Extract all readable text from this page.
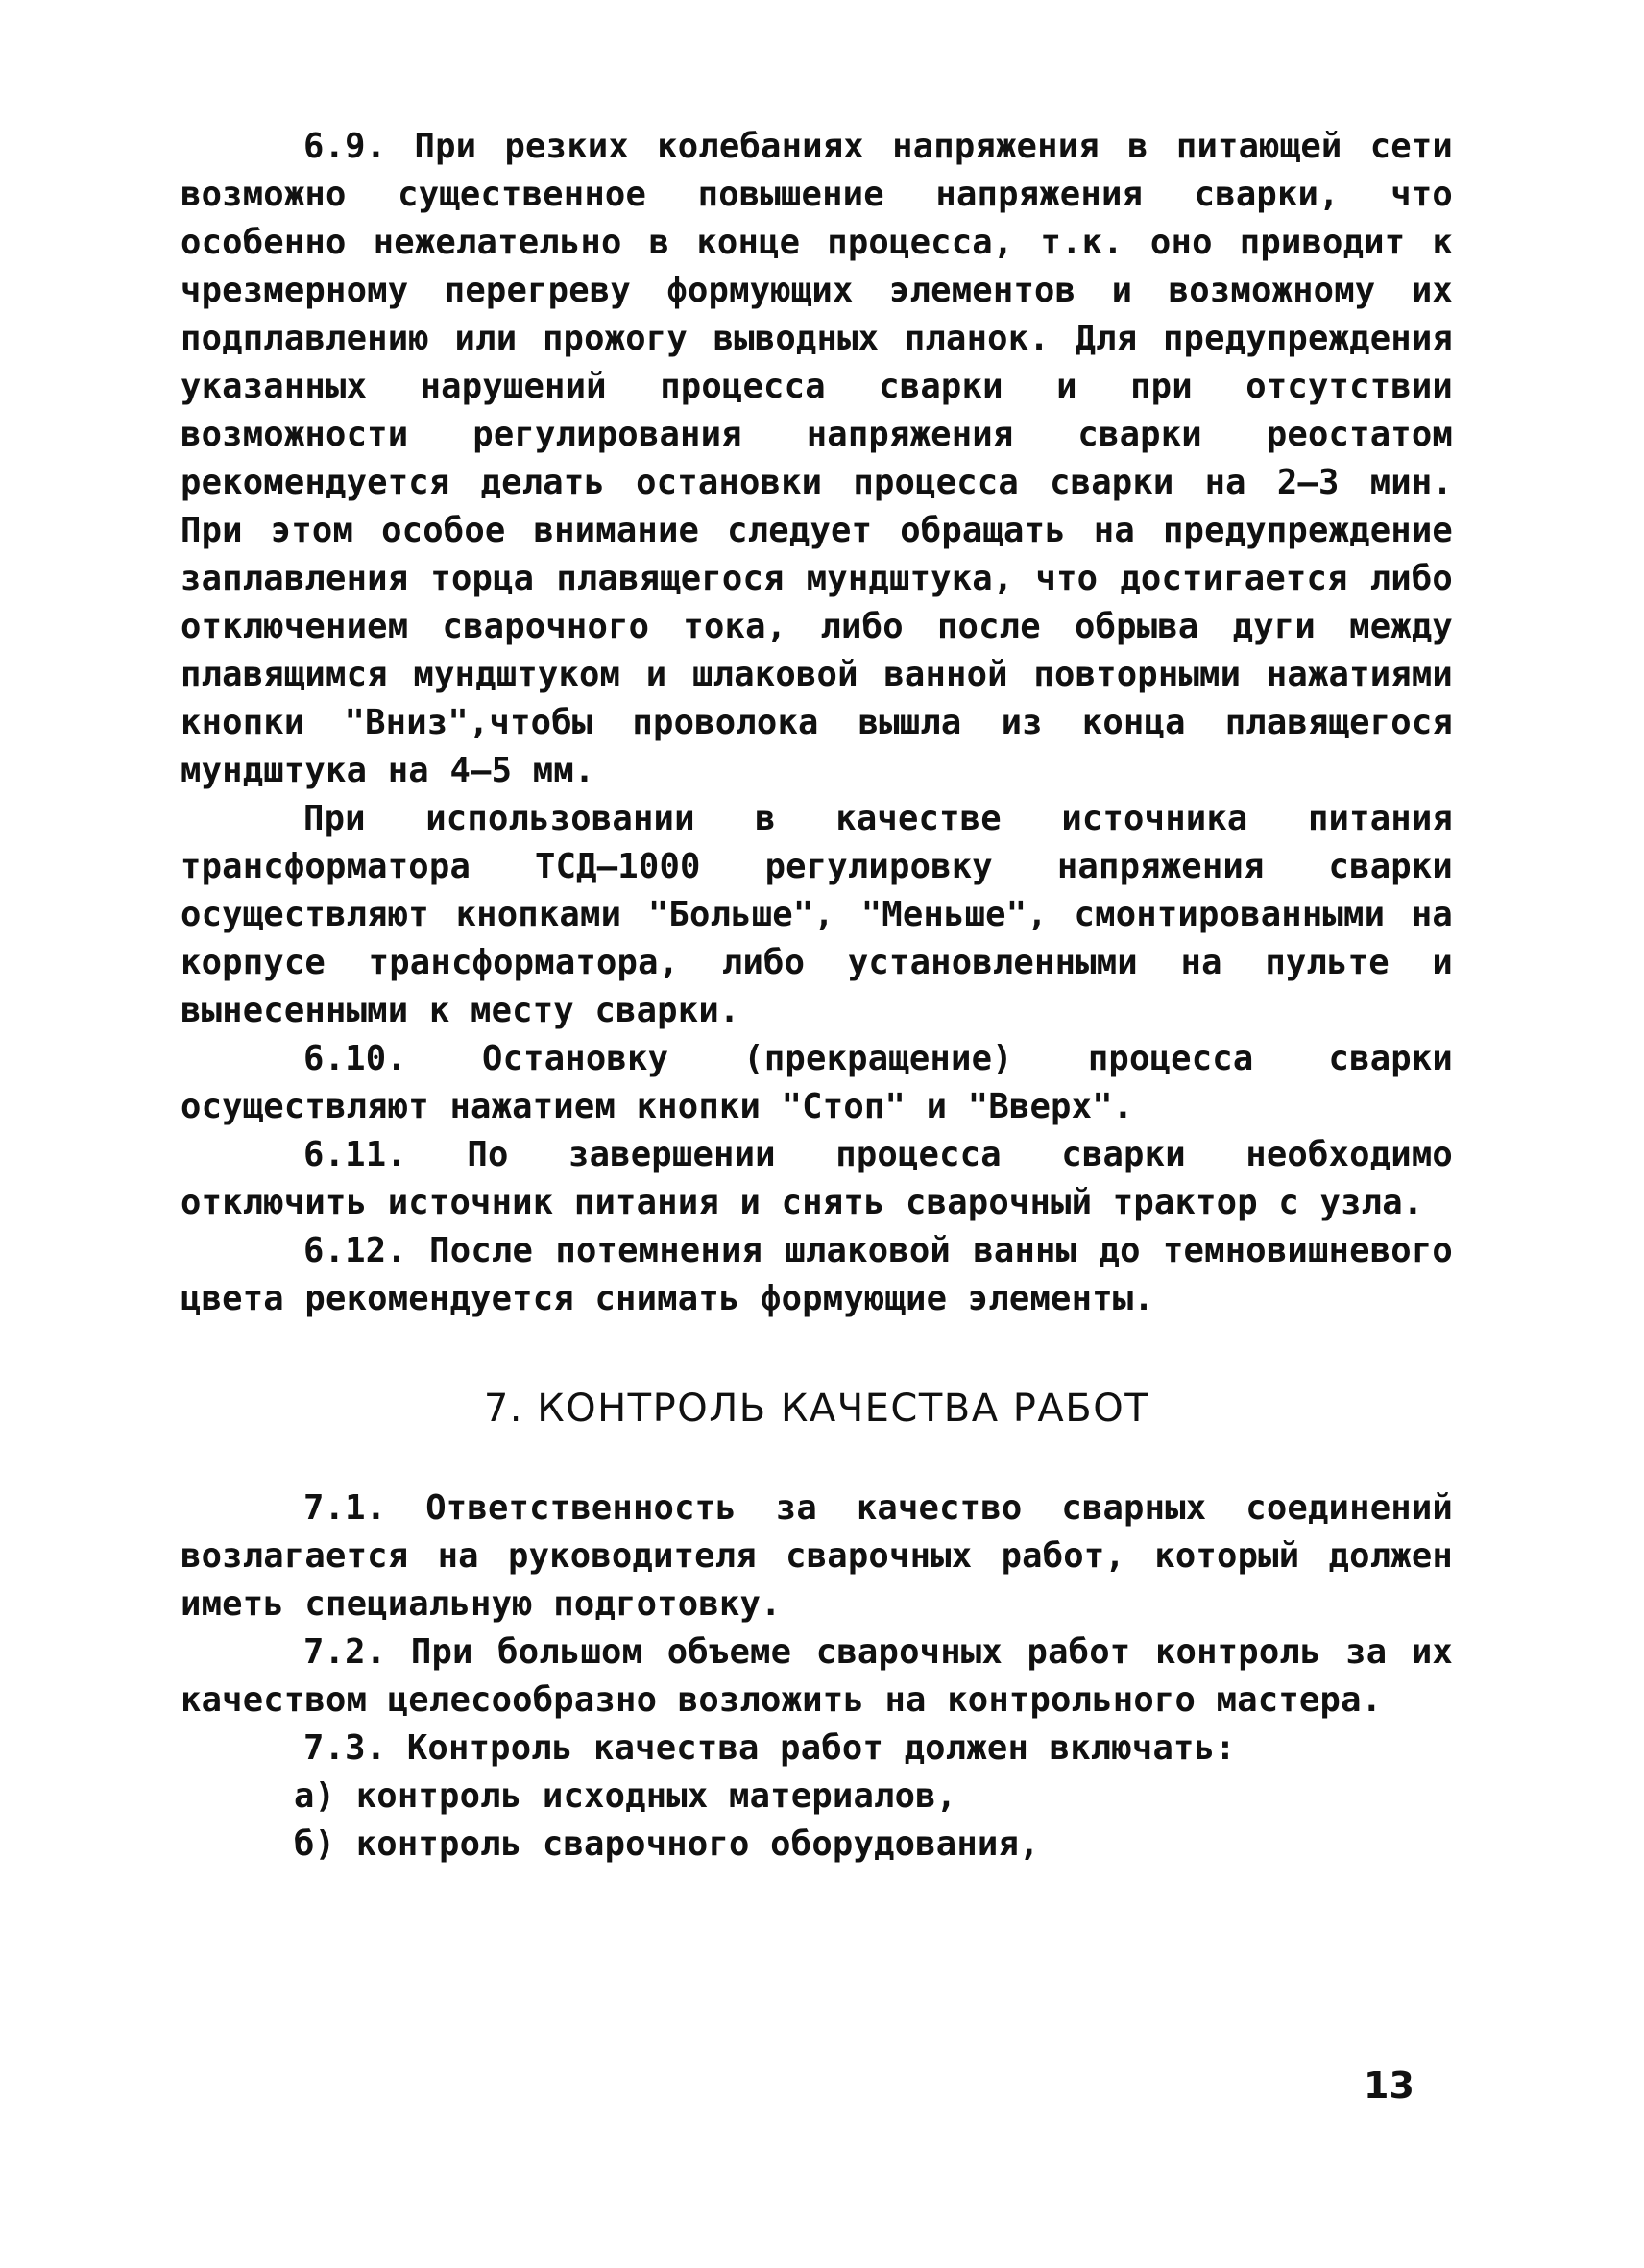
6.9. При резких колебаниях напряжения в питающей сети возможно существенное повышение напряжения сварки, что особенно нежелательно в конце процесса, т.к. оно приводит к чрезмерному перегреву формующих элементов и возможному их подплавлению или прожогу выводных планок. Для предупреждения указанных нарушений процесса сварки и при отсутствии возможности регулирования напряжения сварки реостатом рекомендуется делать остановки процесса сварки на 2–3 мин. При этом особое внимание следует обращать на предупреждение заплавления торца плавящегося мундштука, что достигается либо отключением сварочного тока, либо после обрыва дуги между плавящимся мундштуком и шлаковой ванной повторными нажатиями кнопки "Вниз",чтобы проволока вышла из конца плавящегося мундштука на 4–5 мм.

При использовании в качестве источника питания трансформатора ТСД–1000 регулировку напряжения сварки осуществляют кнопками "Больше", "Меньше", смонтированными на корпусе трансформатора, либо установленными на пульте и вынесенными к месту сварки.

6.10. Остановку (прекращение) процесса сварки осуществляют нажатием кнопки "Стоп" и "Вверх".

6.11. По завершении процесса сварки необходимо отключить источник питания и снять сварочный трактор с узла.

6.12. После потемнения шлаковой ванны до темновишневого цвета рекомендуется снимать формующие элементы.

7. КОНТРОЛЬ КАЧЕСТВА РАБОТ

7.1. Ответственность за качество сварных соединений возлагается на руководителя сварочных работ, который должен иметь специальную подготовку.

7.2. При большом объеме сварочных работ контроль за их качеством целесообразно возложить на контрольного мастера.

7.3. Контроль качества работ должен включать:

а) контроль исходных материалов,

б) контроль сварочного оборудования,

13
